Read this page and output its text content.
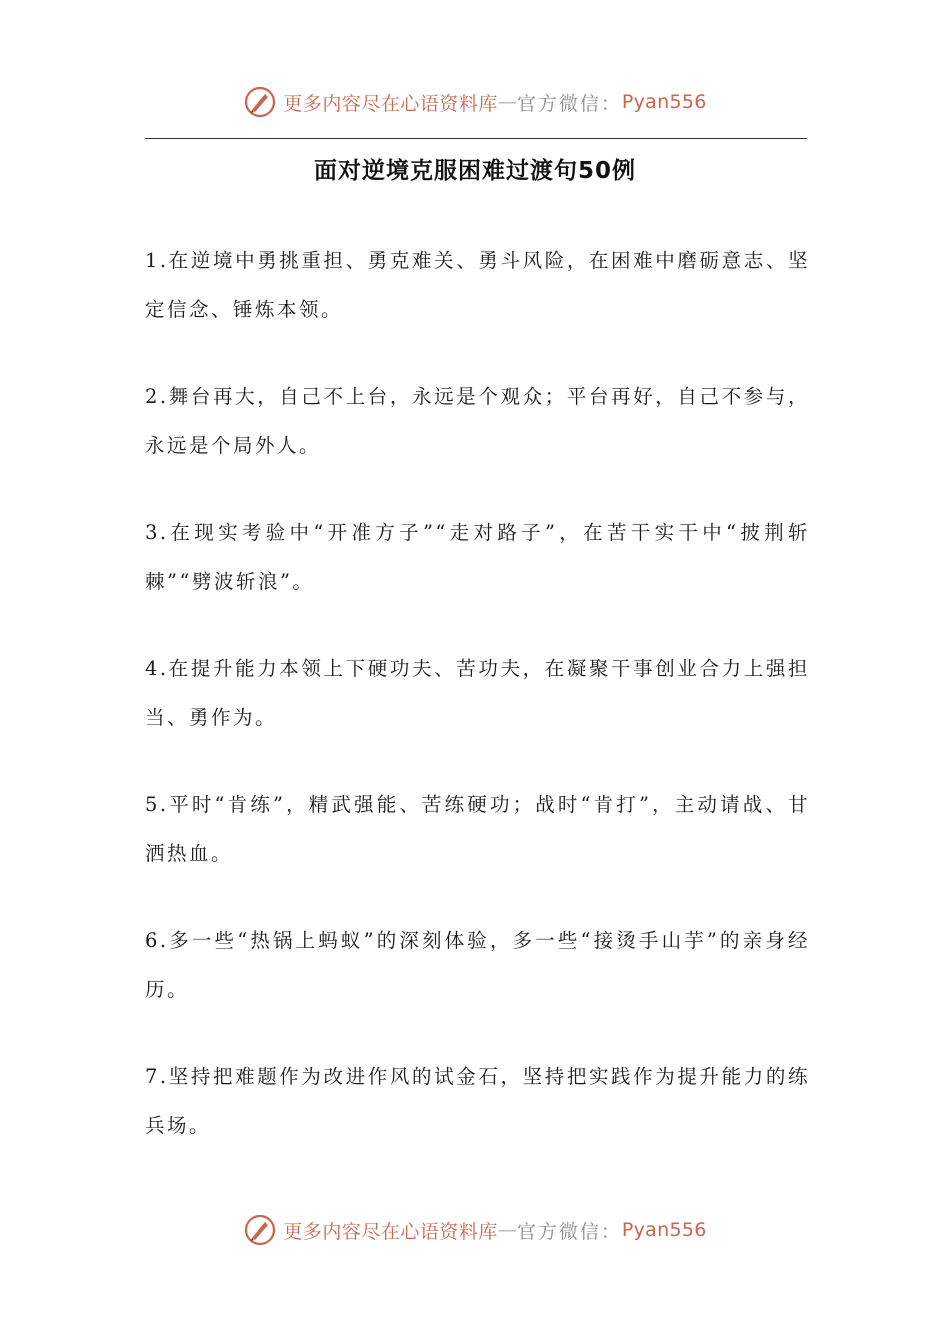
更多内容尽在心语资料库 — 官方微信： Pyan556
面对逆境克服困难过渡句50例

1.在逆境中勇挑重担、勇克难关、勇斗风险，在困难中磨砺意志、坚定信念、锤炼本领。

2.舞台再大，自己不上台，永远是个观众；平台再好，自己不参与，永远是个局外人。

3.在现实考验中“开准方子”“走对路子”，在苦干实干中“披荆斩棘”“劈波斩浪”。

4.在提升能力本领上下硬功夫、苦功夫，在凝聚干事创业合力上强担当、勇作为。

5.平时“肯练”，精武强能、苦练硬功；战时“肯打”，主动请战、甘洒热血。

6.多一些“热锅上蚂蚁”的深刻体验，多一些“接烫手山芋”的亲身经历。

7.坚持把难题作为改进作风的试金石，坚持把实践作为提升能力的练兵场。

更多内容尽在心语资料库 — 官方微信： Pyan556
